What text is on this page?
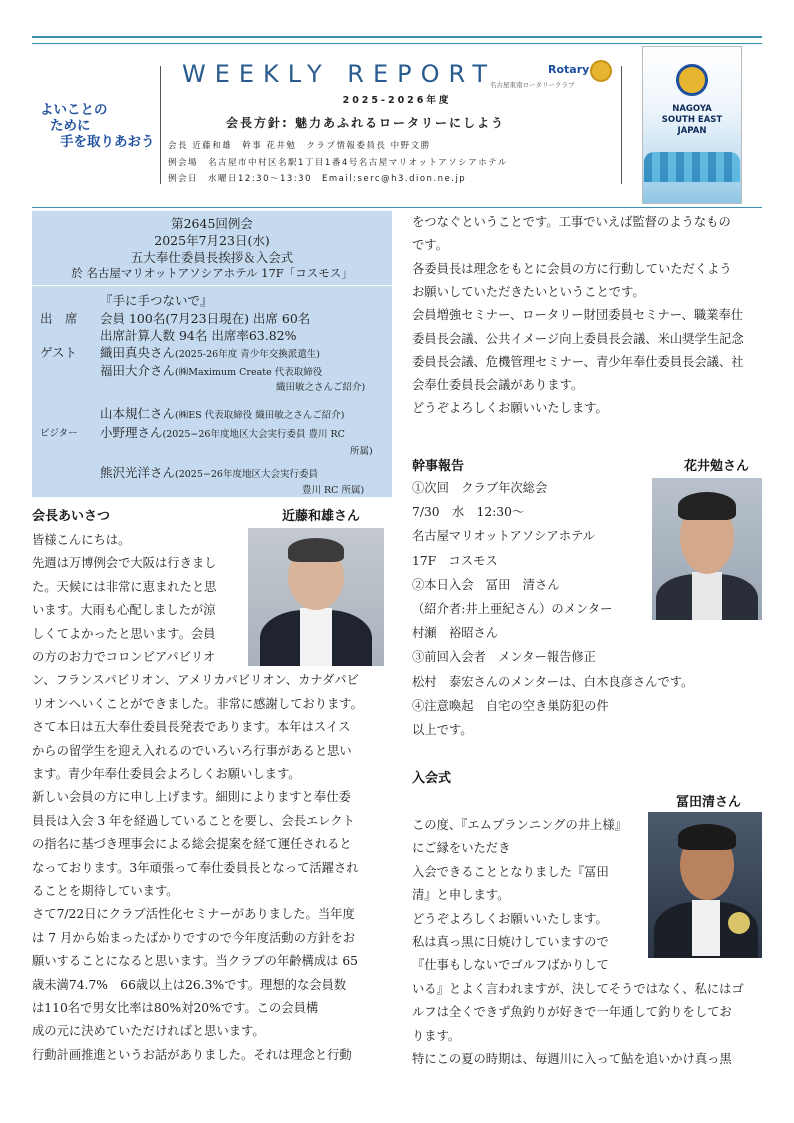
よいことの
ために
手を取りあおう
WEEKLY REPORT	Rotary
名古屋東南ロータリークラブ
2025-2026年度
会長方針: 魅力あふれるロータリーにしよう
会長 近藤和雄　幹事 花井勉　クラブ情報委員長 中野文勝
例会場　名古屋市中村区名駅1丁目1番4号名古屋マリオットアソシアホテル
例会日　水曜日12:30～13:30　Email:serc@h3.dion.ne.jp
NAGOYA
SOUTH EAST
JAPAN
第2645回例会
2025年7月23日(水)
五大奉仕委員長挨拶＆入会式
於 名古屋マリオットアソシアホテル 17F「コスモス」
『手に手つないで』
出　席 会員 100名(7月23日現在) 出席 60名
出席計算人数 94名 出席率63.82%
ゲスト 織田真央さん(2025-26年度 青少年交換派遣生)
福田大介さん(㈱Maximum Create 代表取締役
織田敏之さんご紹介)
山本規仁さん(㈱ES 代表取締役 織田敏之さんご紹介)
ビジター 小野理さん(2025−26年度地区大会実行委員 豊川 RC
所属)
熊沢光洋さん(2025−26年度地区大会実行委員
豊川 RC 所属)
会長あいさつ	近藤和雄さん
皆様こんにちは。
先週は万博例会で大阪は行きまし
た。天候には非常に恵まれたと思
います。大雨も心配しましたが涼
しくてよかったと思います。会員
の方のお力でコロンビアパビリオ
ン、フランスパビリオン、アメリカパビリオン、カナダパビ
リオンへいくことができました。非常に感謝しております。
さて本日は五大奉仕委員長発表であります。本年はスイス
からの留学生を迎え入れるのでいろいろ行事があると思い
ます。青少年奉仕委員会よろしくお願いします。
新しい会員の方に申し上げます。細則によりますと奉仕委
員長は入会 3 年を経過していることを要し、会長エレクト
の指名に基づき理事会による総会提案を経て運任されると
なっております。3年頑張って奉仕委員長となって活躍され
ることを期待しています。
さて7/22日にクラブ活性化セミナーがありました。当年度
は 7 月から始まったばかりですので今年度活動の方針をお
願いすることになると思います。当クラブの年齢構成は 65
歳未満74.7%　66歳以上は26.3%です。理想的な会員数
は110名で男女比率は80%対20%です。この会員構
成の元に決めていただければと思います。
行動計画推進というお話がありました。それは理念と行動
をつなぐということです。工事でいえば監督のようなもの
です。
各委員長は理念をもとに会員の方に行動していただくよう
お願いしていただきたいということです。
会員増強セミナー、ロータリー財団委員セミナー、職業奉仕
委員長会議、公共イメージ向上委員長会議、米山奨学生記念
委員長会議、危機管理セミナー、青少年奉仕委員長会議、社
会奉仕委員長会議があります。
どうぞよろしくお願いいたします。
幹事報告	花井勉さん
①次回　クラブ年次総会
7/30　水　12:30～
名古屋マリオットアソシアホテル
17F　コスモス
②本日入会　冨田　清さん
（紹介者:井上亜紀さん）のメンター
村瀬　裕昭さん
③前回入会者　メンター報告修正
松村　泰宏さんのメンターは、白木良彦さんです。
④注意喚起　自宅の空き巣防犯の件
以上です。
入会式
冨田清さん
この度、『エムプランニングの井上様』
にご縁をいただき
入会できることとなりました『冨田
清』と申します。
どうぞよろしくお願いいたします。
私は真っ黒に日焼けしていますので
『仕事もしないでゴルフばかりして
いる』とよく言われますが、決してそうではなく、私にはゴ
ルフは全くできず魚釣りが好きで一年通して釣りをしてお
ります。
特にこの夏の時期は、毎週川に入って鮎を追いかけ真っ黒
